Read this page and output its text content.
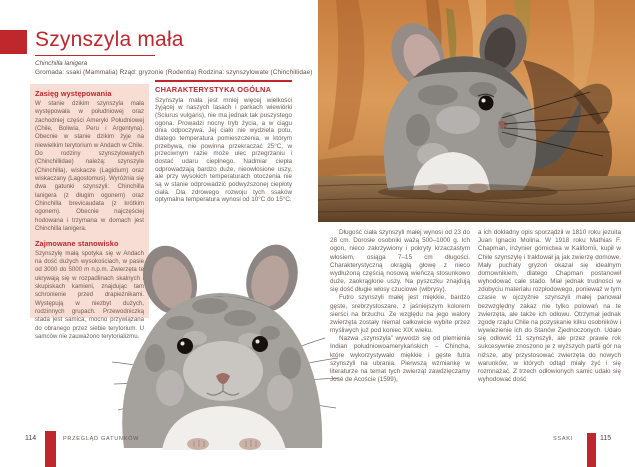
Szynszyla mała
Chinchilla lanigera
Gromada: ssaki (Mammalia) Rząd: gryzonie (Rodentia) Rodzina: szynszylowate (Chinchillidae)
Zasięg występowania

W stanie dzikim szynszyla mała występowała w południowej oraz zachodniej części Ameryki Południowej (Chile, Boliwia, Peru i Argentyna). Obecnie w stanie dzikim żyje na niewielkim terytorium w Andach w Chile. Do rodziny szynszylowatych (Chinchillidae) należą: szynszyle (Chinchilla), wiskacze (Lagidium) oraz wiskaczany (Lagostomus). Wyróżnia się dwa gatunki szynszyli: Chinchilla lanigera (z długim ogonem) oraz Chinchilla brevicaudata (z krótkim ogonem). Obecnie najczęściej hodowana i trzymana w domach jest Chinchilla lanigera.

Zajmowane stanowisko

Szynszylę małą spotyka się w Andach na dość dużych wysokościach, w pasie od 3000 do 5000 m n.p.m. Zwierzęta te ukrywają się w rozpadlinach skalnych i skupiskach kamieni, znajdując tam schronienie przed drapieżnikami. Występują w niezbyt dużych, rodzinnych grupach. Przewodniczką stada jest samica, mocno przywiązana do obranego przez siebie terytorium. U samców nie zauważono terytorializmu.

CHARAKTERYSTYKA OGÓLNA

Szynszyla mała jest mniej więcej wielkości żyjącej w naszych lasach i parkach wiewiórki (Sciurus vulgaris), nie ma jednak tak puszystego ogona. Prowadzi nocny tryb życia, a w ciągu dnia odpoczywa. Jej ciało nie wydziela potu, dlatego temperatura pomieszczenia, w którym przebywa, nie powinna przekraczać 25°C, w przeciwnym razie może ulec przegrzaniu i dostać udaru cieplnego. Nadmiar ciepła odprowadzają bardzo duże, nieowłosione uszy, ale przy wysokich temperaturach otoczenia nie są w stanie odprowadzić podwyższonej ciepłoty ciała. Dla zdrowego rozwoju tych ssaków optymalna temperatura wynosi od 10°C do 15°C.

114	PRZEGLĄD GATUNKÓW

Długość ciała szynszyli małej wynosi od 23 do 28 cm. Dorosłe osobniki ważą 500–1000 g. Ich ogon, nieco zakrzywiony i pokryty krzaczastym włosiem, osiąga 7–15 cm długości. Charakterystyczną okrągłą głowę z nieco wydłużoną częścią nosową wieńczą stosunkowo duże, zaokrąglone uszy. Na pyszczku znajdują się dość długie włosy czuciowe (wibrysy).

Futro szynszyli małej jest miękkie, bardzo gęste, srebrzystoszare, z jaśniejszym kolorem sierści na brzuchu. Ze względu na jego walory zwierzęta zostały niemal całkowicie wybite przez myśliwych już pod koniec XIX wieku.

Nazwa „szynszyla” wywodzi się od plemienia Indian południowoamerykańskich – Chincha, które wykorzystywało miękkie i gęste futra szynszyli na ubrania. Pierwszą wzmiankę w literaturze na temat tych zwierząt zawdzięczamy José de Acoście (1599),

a ich dokładny opis sporządził w 1810 roku jezuita Juan Ignacio Molina. W 1918 roku Mathias F. Chapman, inżynier górnictwa w Kalifornii, kupił w Chile szynszylę i traktował ją jak zwierzę domowe. Mały puchaty gryzoń okazał się idealnym domownikiem, dlatego Chapman postanowił wyhodować całe stado. Miał jednak trudności w zdobyciu materiału rozpłodowego, ponieważ w tym czasie w ojczyźnie szynszyli małej panował bezwzględny zakaz nie tylko polowań na te zwierzęta, ale także ich odłowu. Otrzymał jednak zgodę rządu Chile na pozyskanie kilku osobników i wywiezienie ich do Stanów Zjednoczonych. Udało się odłowić 11 szynszyli, ale przez prawie rok sukcesywnie znoszono je z wyższych partii gór na niższe, aby przystosować zwierzęta do nowych warunków, w których odtąd miały żyć i się rozmnażać. Z trzech odłowionych samic udało się wyhodować dość

SSAKI	115
